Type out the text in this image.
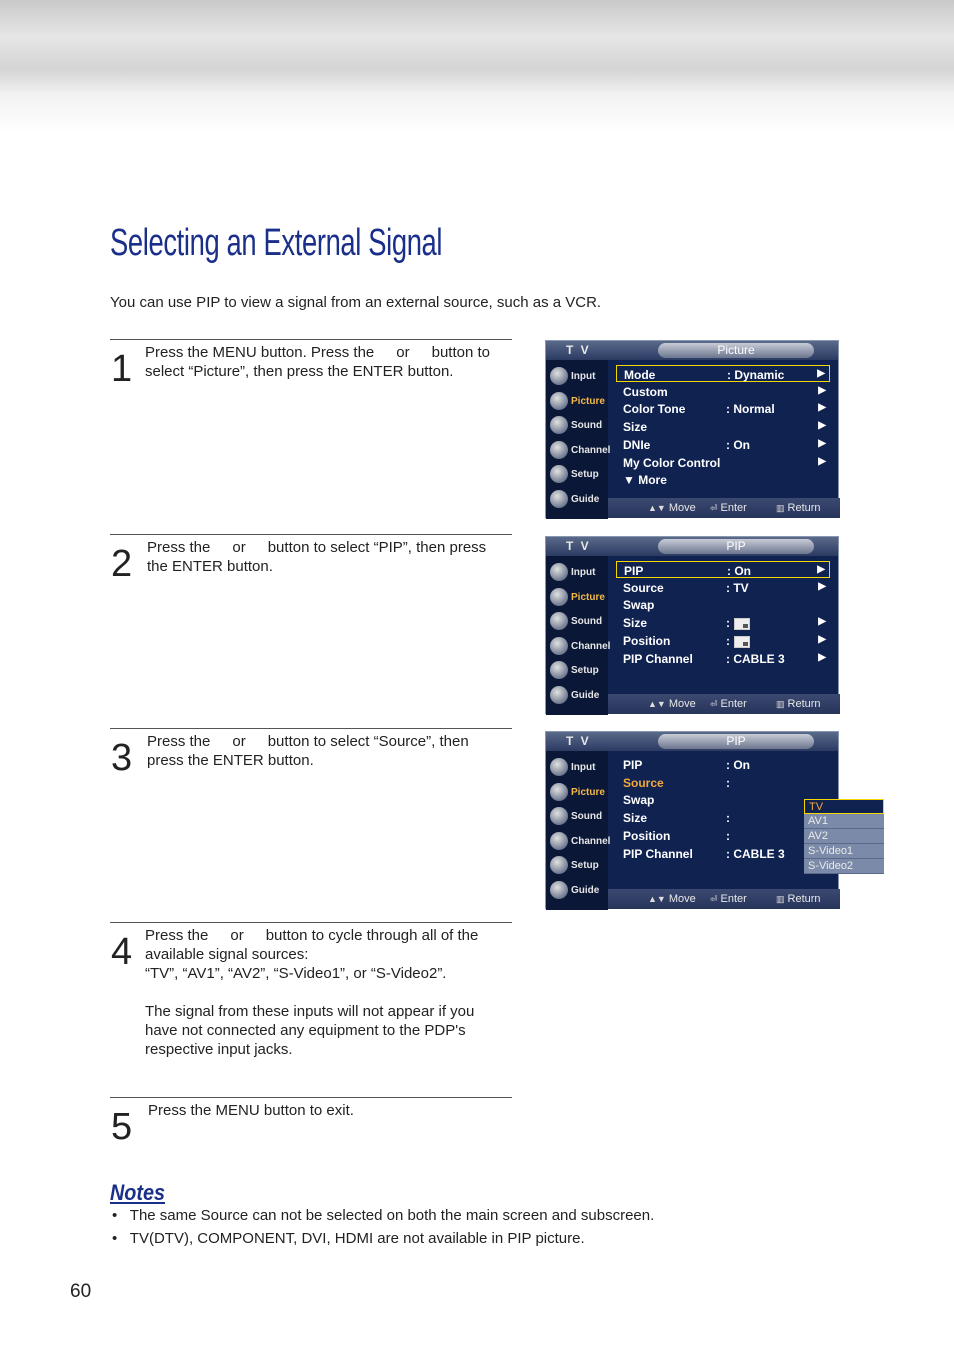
Selecting an External Signal
You can use PIP to view a signal from an external source, such as a VCR.
1 Press the MENU button. Press the or button to
select “Picture”, then press the ENTER button.
2 Press the or button to select “PIP”, then press
the ENTER button.
3 Press the or button to select “Source”, then
press the ENTER button.
4 Press the or button to cycle through all of the
available signal sources:
“TV”, “AV1”, “AV2”, “S-Video1”, or “S-Video2”.
The signal from these inputs will not appear if you
have not connected any equipment to the PDP's
respective input jacks.
5 Press the MENU button to exit.
T V	Picture
Input
Picture
Sound
Channel
Setup
Guide
Mode	: Dynamic	▶
Custom	▶
Color Tone	: Normal	▶
Size	▶
DNIe	: On	▶
My Color Control	▶
▼ More
▲▼ Move ⏎ Enter	▥ Return
T V	PIP
Input
Picture
Sound
Channel
Setup
Guide
PIP	: On	▶
Source	: TV	▶
Swap
Size	:	▶
Position	:	▶
PIP Channel	: CABLE 3	▶
▲▼ Move ⏎ Enter	▥ Return
T V	PIP
Input
Picture
Sound
Channel
Setup
Guide
PIP	: On
Source	:
Swap
Size	:
Position	:
PIP Channel	: CABLE 3
TV
AV1
AV2
S-Video1
S-Video2
▲▼ Move ⏎ Enter	▥ Return
Notes
• The same Source can not be selected on both the main screen and subscreen.
• TV(DTV), COMPONENT, DVI, HDMI are not available in PIP picture.
60
